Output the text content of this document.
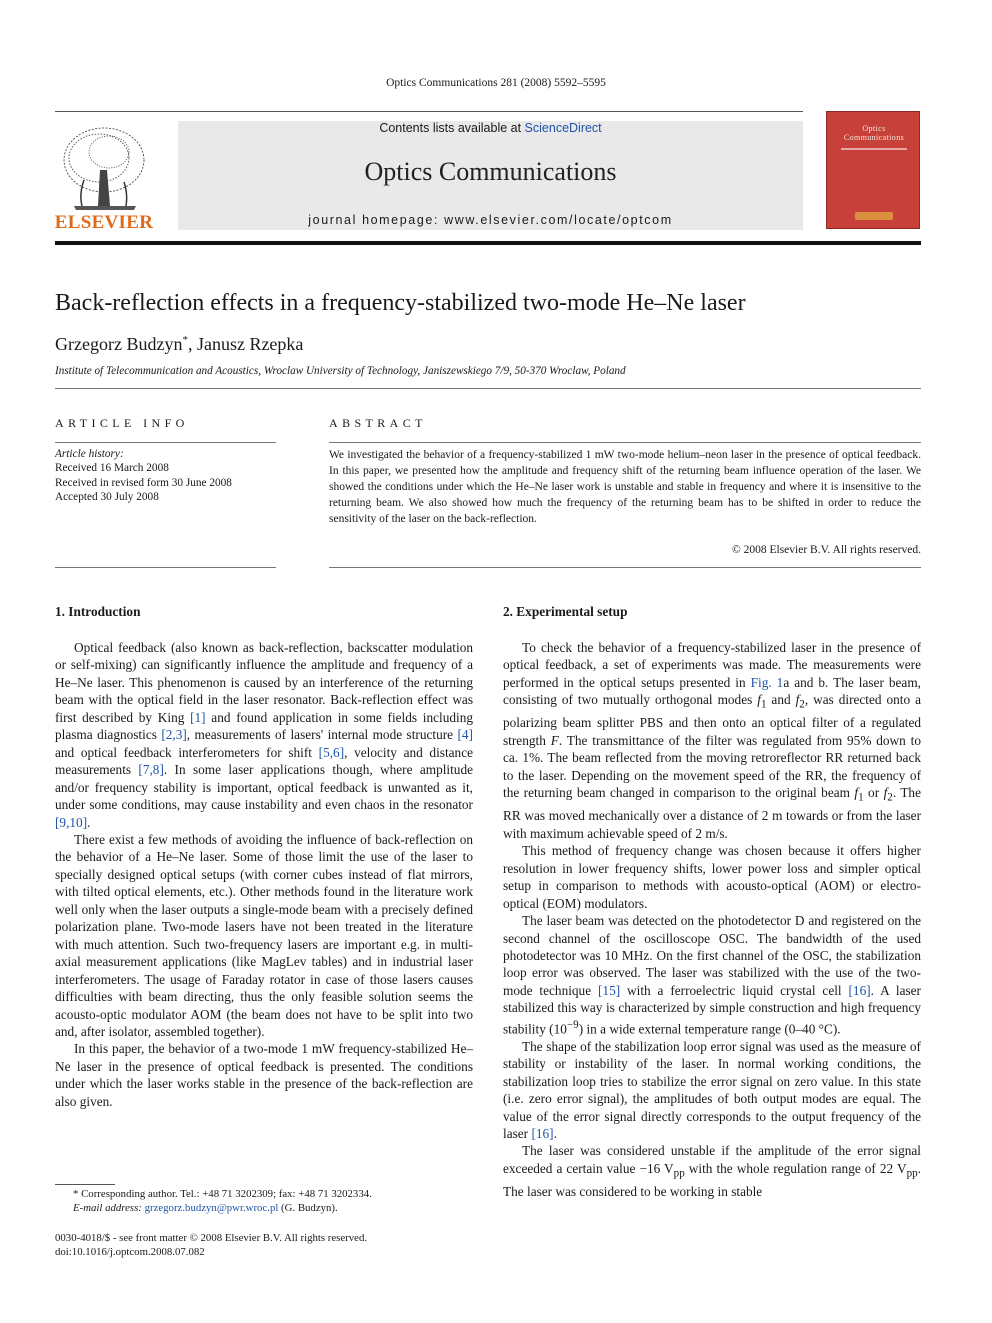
Optics Communications 281 (2008) 5592–5595
ELSEVIER
Contents lists available at ScienceDirect
Optics Communications
journal homepage: www.elsevier.com/locate/optcom
Optics
Communications
Back-reflection effects in a frequency-stabilized two-mode He–Ne laser
Grzegorz Budzyn*, Janusz Rzepka
Institute of Telecommunication and Acoustics, Wroclaw University of Technology, Janiszewskiego 7/9, 50-370 Wroclaw, Poland
ARTICLE INFO	ABSTRACT
Article history:
Received 16 March 2008
Received in revised form 30 June 2008
Accepted 30 July 2008
We investigated the behavior of a frequency-stabilized 1 mW two-mode helium–neon laser in the presence of optical feedback. In this paper, we presented how the amplitude and frequency shift of the returning beam influence operation of the laser. We showed the conditions under which the He–Ne laser work is unstable and stable in frequency and where it is insensitive to the returning beam. We also showed how much the frequency of the returning beam has to be shifted in order to reduce the sensitivity of the laser on the back-reflection.
© 2008 Elsevier B.V. All rights reserved.
1. Introduction	2. Experimental setup

Optical feedback (also known as back-reflection, backscatter modulation or self-mixing) can significantly influence the amplitude and frequency of a He–Ne laser. This phenomenon is caused by an interference of the returning beam with the optical field in the laser resonator. Back-reflection effect was first described by King [1] and found application in some fields including plasma diagnostics [2,3], measurements of lasers' internal mode structure [4] and optical feedback interferometers for shift [5,6], velocity and distance measurements [7,8]. In some laser applications though, where amplitude and/or frequency stability is important, optical feedback is unwanted as it, under some conditions, may cause instability and even chaos in the resonator [9,10].

There exist a few methods of avoiding the influence of back-reflection on the behavior of a He–Ne laser. Some of those limit the use of the laser to specially designed optical setups (with corner cubes instead of flat mirrors, with tilted optical elements, etc.). Other methods found in the literature work well only when the laser outputs a single-mode beam with a precisely defined polarization plane. Two-mode lasers have not been treated in the literature with much attention. Such two-frequency lasers are important e.g. in multi-axial measurement applications (like MagLev tables) and in industrial laser interferometers. The usage of Faraday rotator in case of those lasers causes difficulties with beam directing, thus the only feasible solution seems the acousto-optic modulator AOM (the beam does not have to be split into two and, after isolator, assembled together).

In this paper, the behavior of a two-mode 1 mW frequency-stabilized He–Ne laser in the presence of optical feedback is presented. The conditions under which the laser works stable in the presence of the back-reflection are also given.

To check the behavior of a frequency-stabilized laser in the presence of optical feedback, a set of experiments was made. The measurements were performed in the optical setups presented in Fig. 1a and b. The laser beam, consisting of two mutually orthogonal modes $f_1$ and $f_2$, was directed onto a polarizing beam splitter PBS and then onto an optical filter of a regulated strength F. The transmittance of the filter was regulated from 95% down to ca. 1%. The beam reflected from the moving retroreflector RR returned back to the laser. Depending on the movement speed of the RR, the frequency of the returning beam changed in comparison to the original beam $f_1$ or $f_2$. The RR was moved mechanically over a distance of 2 m towards or from the laser with maximum achievable speed of 2 m/s.

This method of frequency change was chosen because it offers higher resolution in lower frequency shifts, lower power loss and simpler optical setup in comparison to methods with acousto-optical (AOM) or electro-optical (EOM) modulators.

The laser beam was detected on the photodetector D and registered on the second channel of the oscilloscope OSC. The bandwidth of the used photodetector was 10 MHz. On the first channel of the OSC, the stabilization loop error was observed. The laser was stabilized with the use of the two-mode technique [15] with a ferroelectric liquid crystal cell [16]. A laser stabilized this way is characterized by simple construction and high frequency stability $(10^{-9})$ in a wide external temperature range (0–40 °C).

The shape of the stabilization loop error signal was used as the measure of stability or instability of the laser. In normal working conditions, the stabilization loop tries to stabilize the error signal on zero value. In this state (i.e. zero error signal), the amplitudes of both output modes are equal. The value of the error signal directly corresponds to the output frequency of the laser [16].

The laser was considered unstable if the amplitude of the error signal exceeded a certain value −16 $V_{pp}$ with the whole regulation range of 22 $V_{pp}$. The laser was considered to be working in stable

* Corresponding author. Tel.: +48 71 3202309; fax: +48 71 3202334.
E-mail address: grzegorz.budzyn@pwr.wroc.pl (G. Budzyn).
0030-4018/$ - see front matter © 2008 Elsevier B.V. All rights reserved.
doi:10.1016/j.optcom.2008.07.082
